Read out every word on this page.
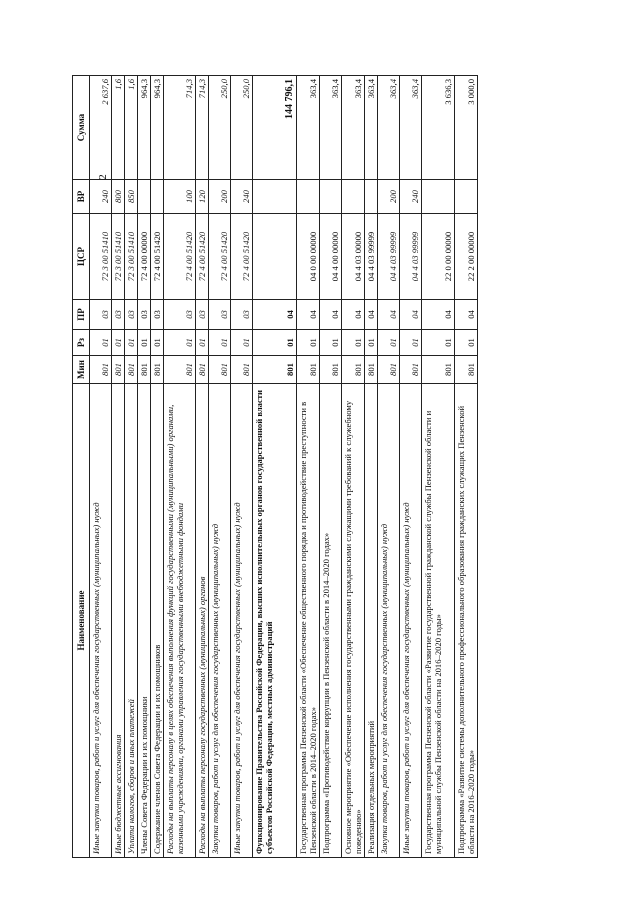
2
Наименование	Мин	Рз	ПР	ЦСР	ВР	Сумма
Иные закупки товаров, работ и услуг для обеспечения государственных (муниципальных) нужд	801	01	03	72 3 00 51410	240	2 637,6
Иные бюджетные ассигнования	801	01	03	72 3 00 51410	800	1,6
Уплата налогов, сборов и иных платежей	801	01	03	72 3 00 51410	850	1,6
Члены Совета Федерации и их помощники	801	01	03	72 4 00 00000		964,3
Содержание членов Совета Федерации и их помощников	801	01	03	72 4 00 51420		964,3
Расходы на выплаты персоналу в целях обеспечения выполнения функций государственными (муниципальными) органами, казенными учреждениями, органами управления государственными внебюджетными фондами	801	01	03	72 4 00 51420	100	714,3
Расходы на выплаты персоналу государственных (муниципальных) органов	801	01	03	72 4 00 51420	120	714,3
Закупка товаров, работ и услуг для обеспечения государственных (муниципальных) нужд	801	01	03	72 4 00 51420	200	250,0
Иные закупки товаров, работ и услуг для обеспечения государственных (муниципальных) нужд	801	01	03	72 4 00 51420	240	250,0
Функционирование Правительства Российской Федерации, высших исполнительных органов государственной власти субъектов Российской Федерации, местных администраций	801	01	04			144 796,1
Государственная программа Пензенской области «Обеспечение общественного порядка и противодействие преступности в Пензенской области в 2014–2020 годах»	801	01	04	04 0 00 00000		363,4
Подпрограмма «Противодействие коррупции в Пензенской области в 2014–2020 годах»	801	01	04	04 4 00 00000		363,4
Основное мероприятие «Обеспечение исполнения государственными гражданскими служащими требований к служебному поведению»	801	01	04	04 4 03 00000		363,4
Реализация отдельных мероприятий	801	01	04	04 4 03 99999		363,4
Закупка товаров, работ и услуг для обеспечения государственных (муниципальных) нужд	801	01	04	04 4 03 99999	200	363,4
Иные закупки товаров, работ и услуг для обеспечения государственных (муниципальных) нужд	801	01	04	04 4 03 99999	240	363,4
Государственная программа Пензенской области «Развитие государственной гражданской службы Пензенской области и муниципальной службы Пензенской области на 2016–2020 годы»	801	01	04	22 0 00 00000		3 636,3
Подпрограмма «Развитие системы дополнительного профессионального образования гражданских служащих Пензенской области на 2016–2020 годы»	801	01	04	22 2 00 00000		3 000,0
